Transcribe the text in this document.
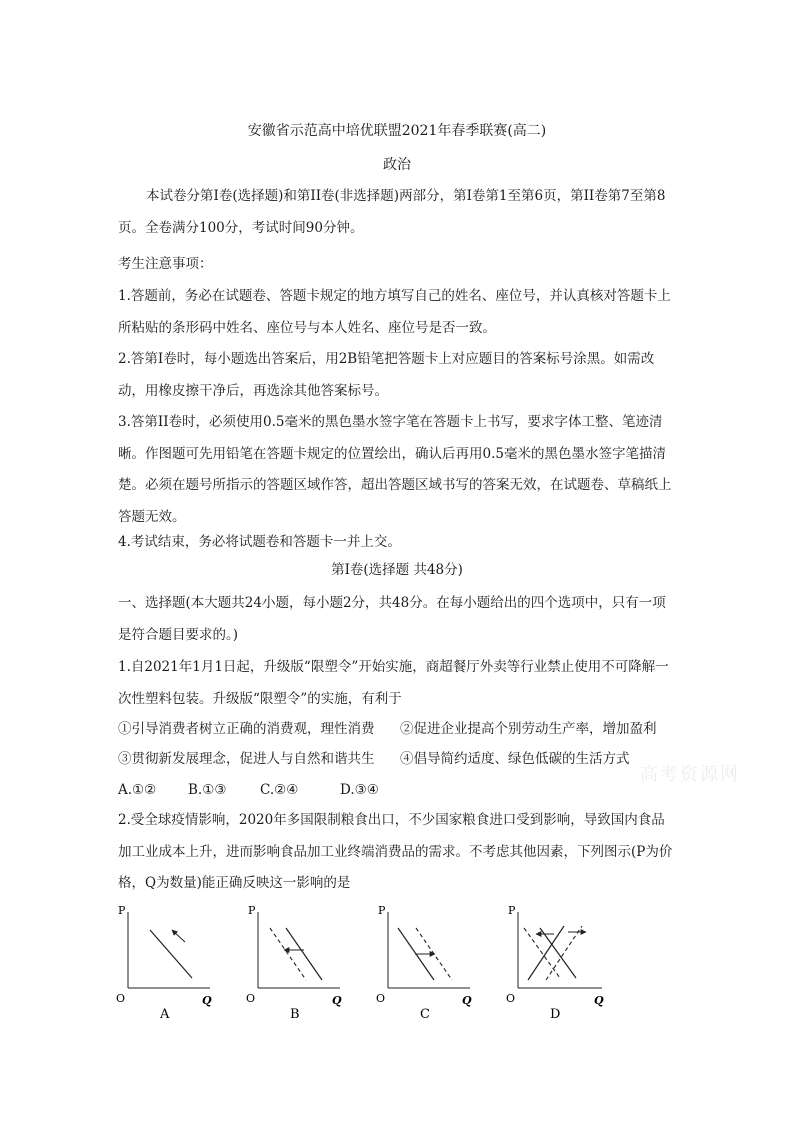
安徽省示范高中培优联盟2021年春季联赛(高二)
政治
本试卷分第I卷(选择题)和第II卷(非选择题)两部分，第I卷第1至第6页，第II卷第7至第8页。全卷满分100分，考试时间90分钟。
考生注意事项：
1.答题前，务必在试题卷、答题卡规定的地方填写自己的姓名、座位号，并认真核对答题卡上所粘贴的条形码中姓名、座位号与本人姓名、座位号是否一致。
2.答第I卷时，每小题选出答案后，用2B铅笔把答题卡上对应题目的答案标号涂黑。如需改动，用橡皮擦干净后，再选涂其他答案标号。
3.答第II卷时，必须使用0.5毫米的黑色墨水签字笔在答题卡上书写，要求字体工整、笔迹清晰。作图题可先用铅笔在答题卡规定的位置绘出，确认后再用0.5毫米的黑色墨水签字笔描清楚。必须在题号所指示的答题区域作答，超出答题区域书写的答案无效，在试题卷、草稿纸上答题无效。
4.考试结束，务必将试题卷和答题卡一并上交。
第I卷(选择题 共48分)
一、选择题(本大题共24小题，每小题2分，共48分。在每小题给出的四个选项中，只有一项是符合题目要求的。)
1.自2021年1月1日起，升级版“限塑令”开始实施，商超餐厅外卖等行业禁止使用不可降解一次性塑料包装。升级版“限塑令”的实施，有利于
①引导消费者树立正确的消费观，理性消费 ②促进企业提高个别劳动生产率，增加盈利
③贯彻新发展理念，促进人与自然和谐共生 ④倡导简约适度、绿色低碳的生活方式
A.①② B.①③ C.②④	D.③④
2.受全球疫情影响，2020年多国限制粮食出口，不少国家粮食进口受到影响，导致国内食品加工业成本上升，进而影响食品加工业终端消费品的需求。不考虑其他因素，下列图示(P为价格，Q为数量)能正确反映这一影响的是
P
O	Q
A
P
O	Q
B
P
O	Q
C
P
O	Q
D
高考资源网
